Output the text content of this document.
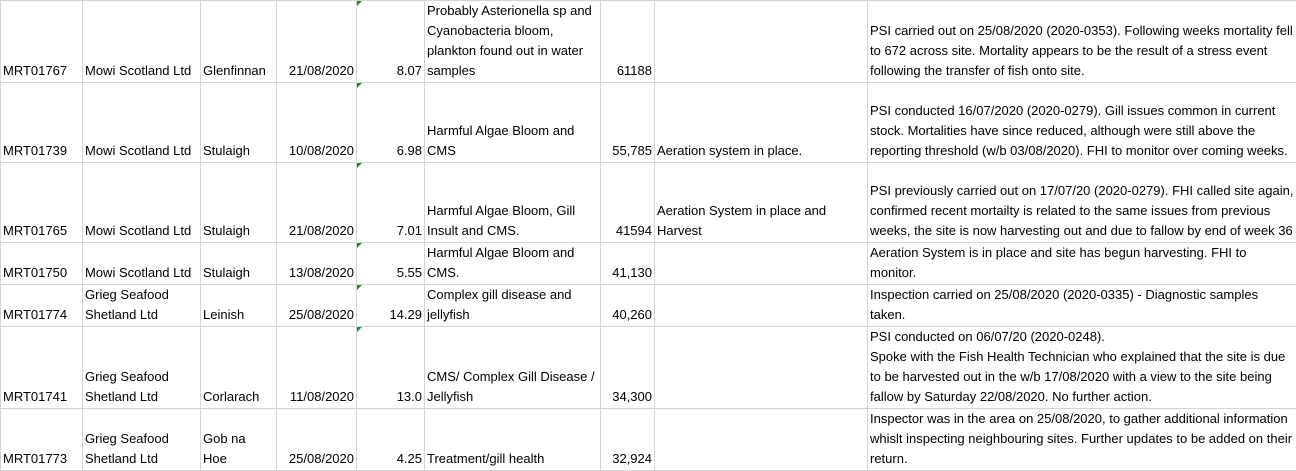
MRT01767	Mowi Scotland Ltd	Glenfinnan	21/08/2020	8.07	Probably Asterionella sp and Cyanobacteria bloom, plankton found out in water samples	61188		PSI carried out on 25/08/2020 (2020-0353). Following weeks mortality fell to 672 across site. Mortality appears to be the result of a stress event following the transfer of fish onto site.
MRT01739	Mowi Scotland Ltd	Stulaigh	10/08/2020	6.98	Harmful Algae Bloom and CMS	55,785	Aeration system in place.	PSI conducted 16/07/2020 (2020-0279). Gill issues common in current stock. Mortalities have since reduced, although were still above the reporting threshold (w/b 03/08/2020). FHI to monitor over coming weeks.
MRT01765	Mowi Scotland Ltd	Stulaigh	21/08/2020	7.01	Harmful Algae Bloom, Gill Insult and CMS.	41594	Aeration System in place and Harvest	PSI previously carried out on 17/07/20 (2020-0279). FHI called site again, confirmed recent mortailty is related to the same issues from previous weeks, the site is now harvesting out and due to fallow by end of week 36
MRT01750	Mowi Scotland Ltd	Stulaigh	13/08/2020	5.55	Harmful Algae Bloom and CMS.	41,130		Aeration System is in place and site has begun harvesting. FHI to monitor.
MRT01774	Grieg Seafood Shetland Ltd	Leinish	25/08/2020	14.29	Complex gill disease and jellyfish	40,260		Inspection carried on 25/08/2020 (2020-0335) - Diagnostic samples taken.
MRT01741	Grieg Seafood Shetland Ltd	Corlarach	11/08/2020	13.0	CMS/ Complex Gill Disease / Jellyfish	34,300		PSI conducted on 06/07/20 (2020-0248).
Spoke with the Fish Health Technician who explained that the site is due to be harvested out in the w/b 17/08/2020 with a view to the site being fallow by Saturday 22/08/2020. No further action.

MRT01773	Grieg Seafood Shetland Ltd	Gob na Hoe	25/08/2020	4.25	Treatment/gill health	32,924		Inspector was in the area on 25/08/2020, to gather additional information whislt inspecting neighbouring sites. Further updates to be added on their return.
